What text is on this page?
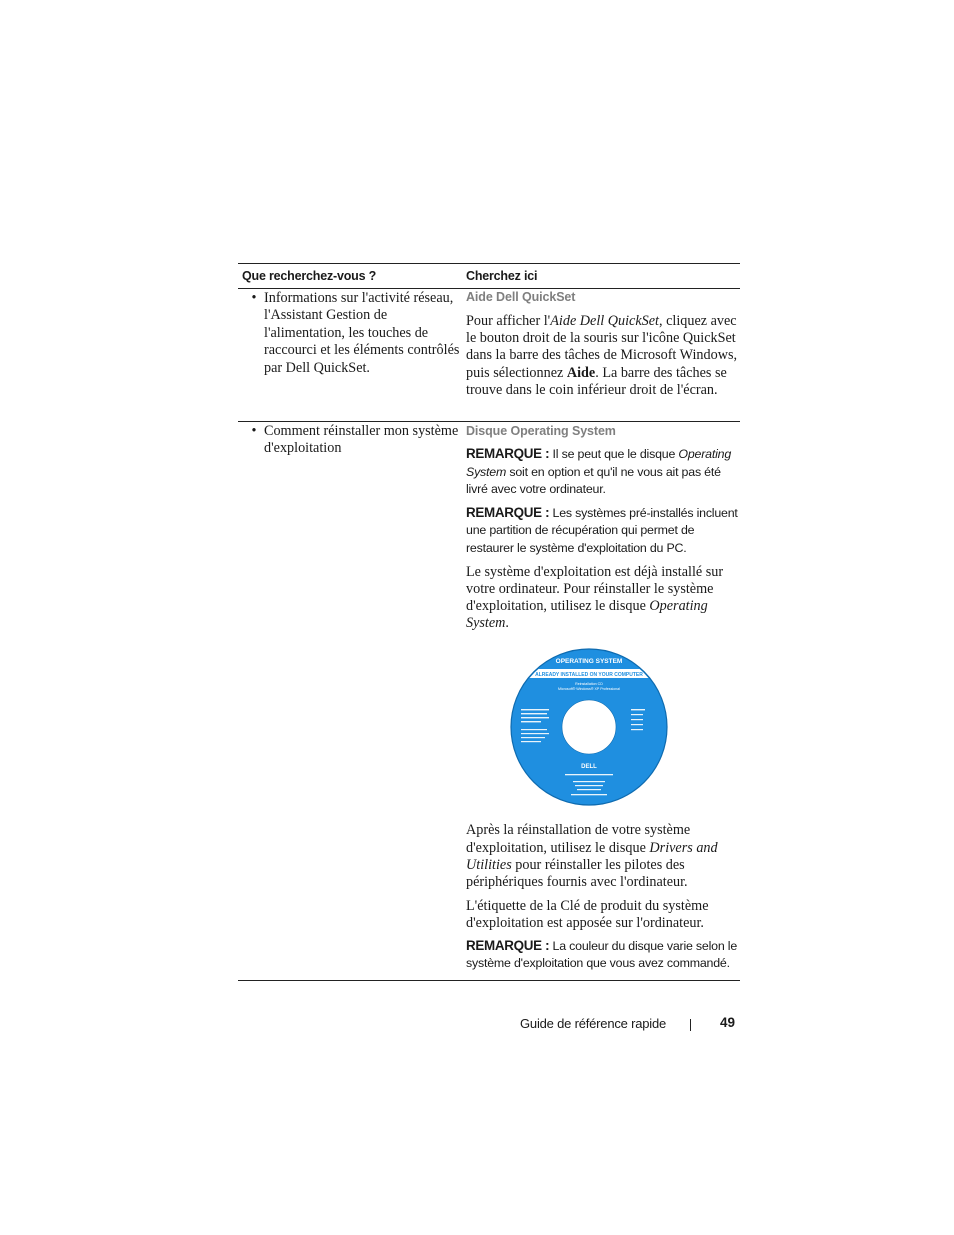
Que recherchez-vous ?	Cherchez ici
• Informations sur l'activité réseau, l'Assistant Gestion de l'alimentation, les touches de raccourci et les éléments contrôlés par Dell QuickSet.
Aide Dell QuickSet

Pour afficher l'Aide Dell QuickSet, cliquez avec le bouton droit de la souris sur l'icône QuickSet dans la barre des tâches de Microsoft Windows, puis sélectionnez Aide. La barre des tâches se trouve dans le coin inférieur droit de l'écran.

• Comment réinstaller mon système d'exploitation
Disque Operating System

REMARQUE : Il se peut que le disque Operating System soit en option et qu'il ne vous ait pas été livré avec votre ordinateur.

REMARQUE : Les systèmes pré-installés incluent une partition de récupération qui permet de restaurer le système d'exploitation du PC.

Le système d'exploitation est déjà installé sur votre ordinateur. Pour réinstaller le système d'exploitation, utilisez le disque Operating System.

OPERATING SYSTEM
ALREADY INSTALLED ON YOUR COMPUTER
Reinstallation CD
Microsoft® Windows® XP Professional
DELL

Après la réinstallation de votre système d'exploitation, utilisez le disque Drivers and Utilities pour réinstaller les pilotes des périphériques fournis avec l'ordinateur.

L'étiquette de la Clé de produit du système d'exploitation est apposée sur l'ordinateur.

REMARQUE : La couleur du disque varie selon le système d'exploitation que vous avez commandé.

Guide de référence rapide	49
